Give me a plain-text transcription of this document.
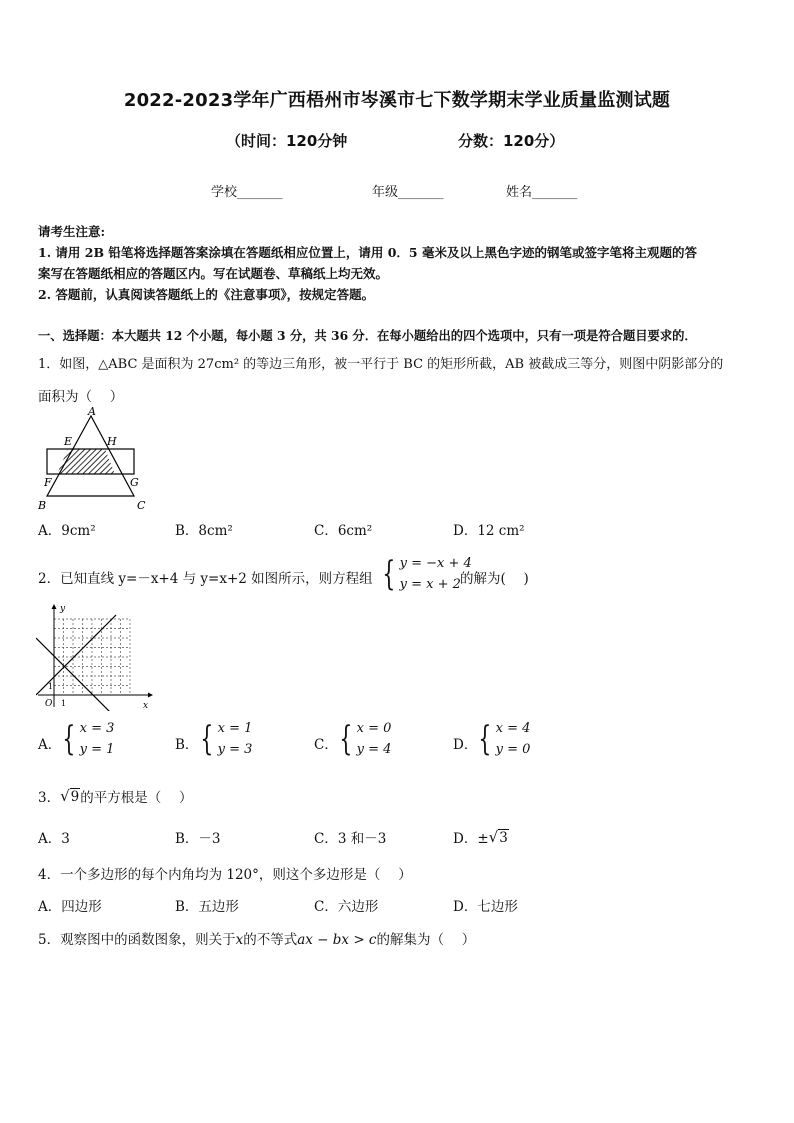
2022-2023学年广西梧州市岑溪市七下数学期末学业质量监测试题
（时间：120分钟	分数：120分）
学校_______	年级_______	姓名_______
请考生注意:
1. 请用 2B 铅笔将选择题答案涂填在答题纸相应位置上，请用 0．5 毫米及以上黑色字迹的钢笔或签字笔将主观题的答
案写在答题纸相应的答题区内。写在试题卷、草稿纸上均无效。
2. 答题前，认真阅读答题纸上的《注意事项》，按规定答题。
一、选择题：本大题共 12 个小题，每小题 3 分，共 36 分．在每小题给出的四个选项中，只有一项是符合题目要求的．
1．如图，△ABC 是面积为 27cm² 的等边三角形，被一平行于 BC 的矩形所截，AB 被截成三等分，则图中阴影部分的
面积为（　 ）
A
E	H
F	G
B	C
A．9cm²	B．8cm²	C．6cm²	D．12 cm²
2．已知直线 y=－x+4 与 y=x+2 如图所示，则方程组 { y = −x + 4
y = x + 2 的解为(　 )
y
x
O 1
1
A． { x = 3
y = 1	B． { x = 1
y = 3	C． { x = 0
y = 4	D． { x = 4
y = 0
3． √ 9 的平方根是（　 ）
A．3	B．－3	C．3 和－3	D．± √ 3
4．一个多边形的每个内角均为 120°，则这个多边形是（　 ）
A．四边形	B．五边形	C．六边形	D．七边形
5．观察图中的函数图象，则关于x的不等式ax − bx > c的解集为（　 ）
